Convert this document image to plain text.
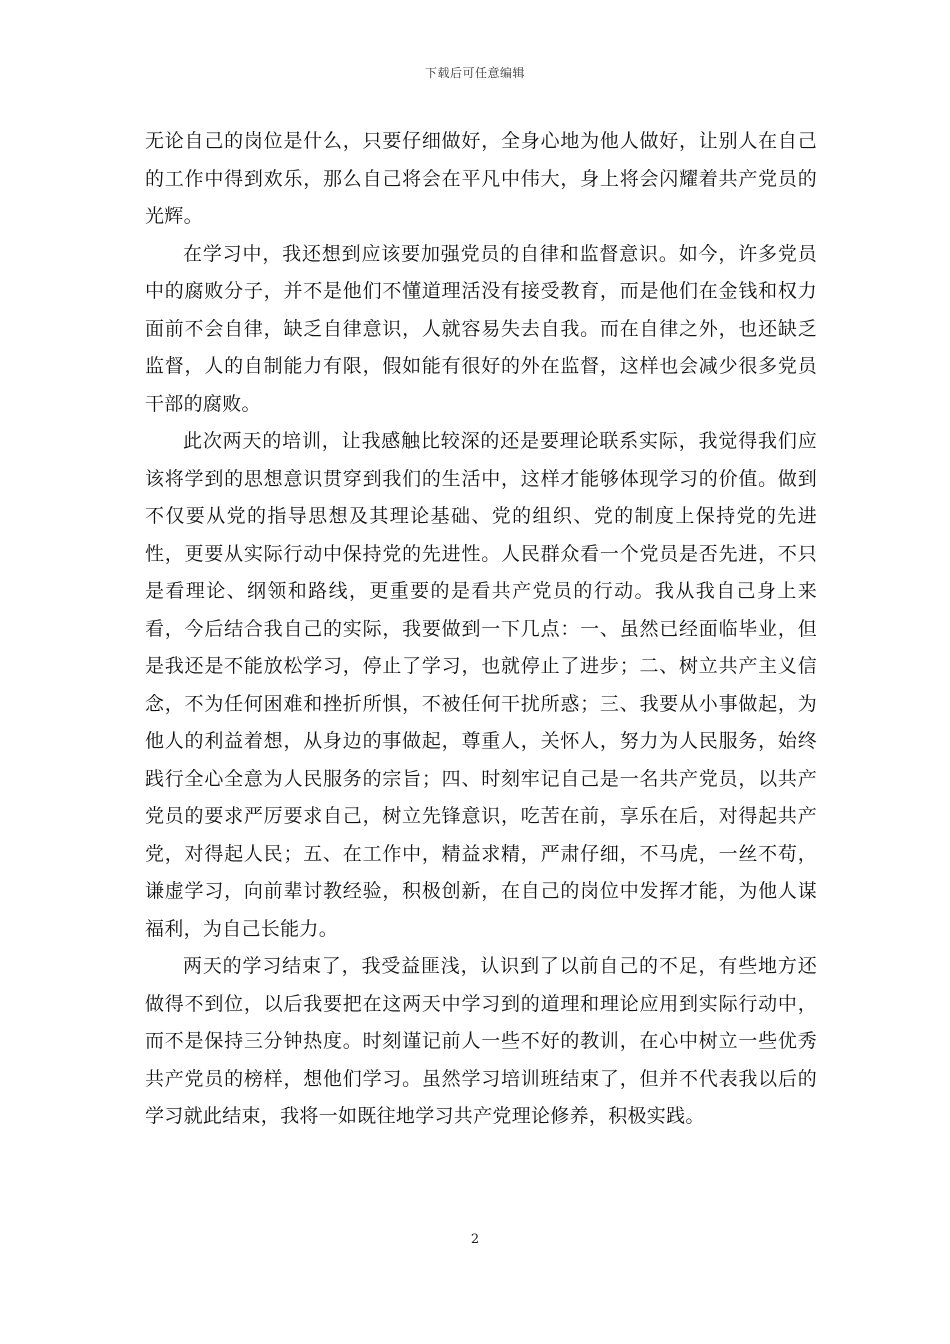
下载后可任意编辑

无论自己的岗位是什么，只要仔细做好，全身心地为他人做好，让别人在自己的工作中得到欢乐，那么自己将会在平凡中伟大，身上将会闪耀着共产党员的光辉。

在学习中，我还想到应该要加强党员的自律和监督意识。如今，许多党员中的腐败分子，并不是他们不懂道理活没有接受教育，而是他们在金钱和权力面前不会自律，缺乏自律意识，人就容易失去自我。而在自律之外，也还缺乏监督，人的自制能力有限，假如能有很好的外在监督，这样也会减少很多党员干部的腐败。

此次两天的培训，让我感触比较深的还是要理论联系实际，我觉得我们应该将学到的思想意识贯穿到我们的生活中，这样才能够体现学习的价值。做到不仅要从党的指导思想及其理论基础、党的组织、党的制度上保持党的先进性，更要从实际行动中保持党的先进性。人民群众看一个党员是否先进，不只是看理论、纲领和路线，更重要的是看共产党员的行动。我从我自己身上来看，今后结合我自己的实际，我要做到一下几点：一、虽然已经面临毕业，但是我还是不能放松学习，停止了学习，也就停止了进步；二、树立共产主义信念，不为任何困难和挫折所惧，不被任何干扰所惑；三、我要从小事做起，为他人的利益着想，从身边的事做起，尊重人，关怀人，努力为人民服务，始终践行全心全意为人民服务的宗旨；四、时刻牢记自己是一名共产党员，以共产党员的要求严厉要求自己，树立先锋意识，吃苦在前，享乐在后，对得起共产党，对得起人民；五、在工作中，精益求精，严肃仔细，不马虎，一丝不苟，谦虚学习，向前辈讨教经验，积极创新，在自己的岗位中发挥才能，为他人谋福利，为自己长能力。

两天的学习结束了，我受益匪浅，认识到了以前自己的不足，有些地方还做得不到位，以后我要把在这两天中学习到的道理和理论应用到实际行动中，而不是保持三分钟热度。时刻谨记前人一些不好的教训，在心中树立一些优秀共产党员的榜样，想他们学习。虽然学习培训班结束了，但并不代表我以后的学习就此结束，我将一如既往地学习共产党理论修养，积极实践。

2
